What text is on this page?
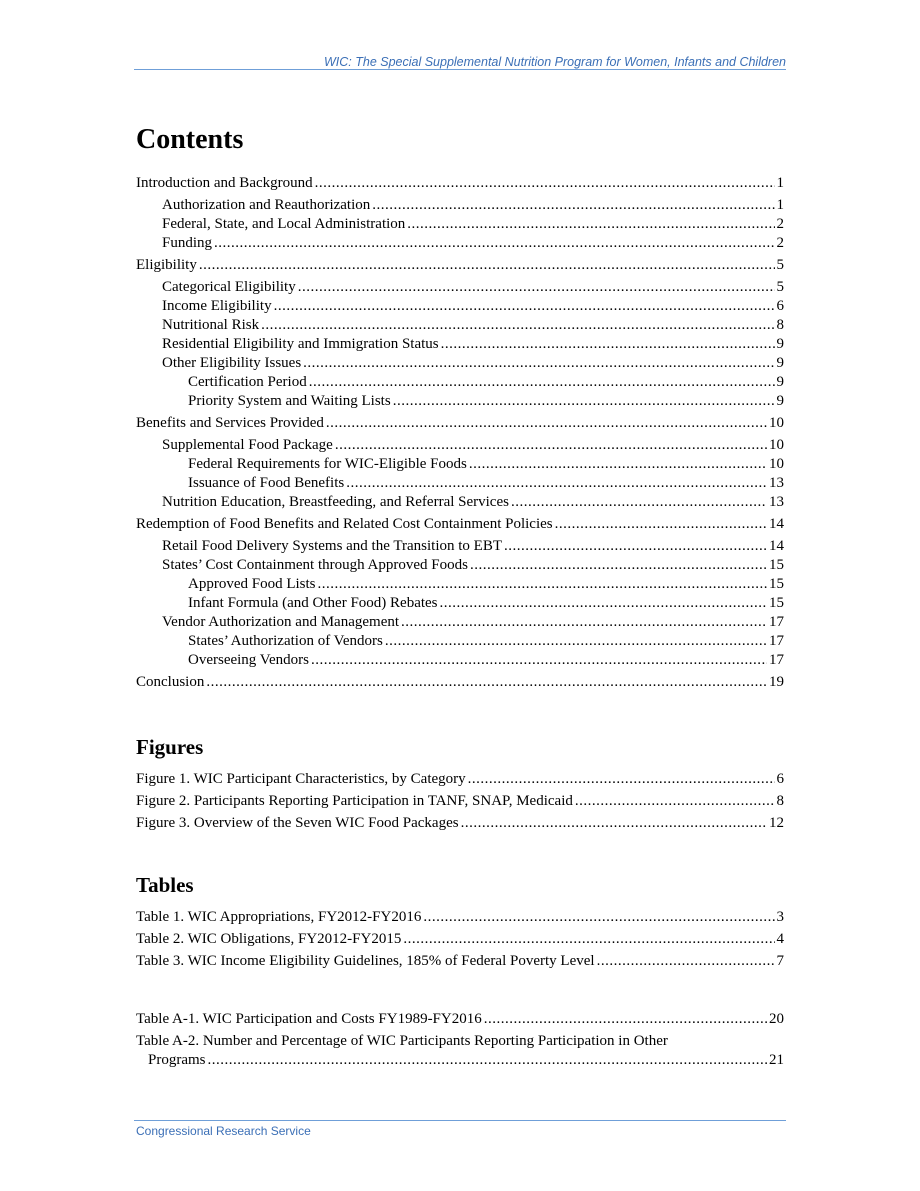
WIC: The Special Supplemental Nutrition Program for Women, Infants and Children
Contents
Introduction and Background .....	1
Authorization and Reauthorization .....	1
Federal, State, and Local Administration .....	2
Funding .....	2
Eligibility .....	5
Categorical Eligibility .....	5
Income Eligibility .....	6
Nutritional Risk .....	8
Residential Eligibility and Immigration Status .....	9
Other Eligibility Issues .....	9
Certification Period .....	9
Priority System and Waiting Lists .....	9
Benefits and Services Provided .....	10
Supplemental Food Package .....	10
Federal Requirements for WIC-Eligible Foods .....	10
Issuance of Food Benefits .....	13
Nutrition Education, Breastfeeding, and Referral Services .....	13
Redemption of Food Benefits and Related Cost Containment Policies .....	14
Retail Food Delivery Systems and the Transition to EBT .....	14
States’ Cost Containment through Approved Foods .....	15
Approved Food Lists .....	15
Infant Formula (and Other Food) Rebates .....	15
Vendor Authorization and Management .....	17
States’ Authorization of Vendors .....	17
Overseeing Vendors .....	17
Conclusion .....	19
Figures
Figure 1. WIC Participant Characteristics, by Category .....	6
Figure 2. Participants Reporting Participation in TANF, SNAP, Medicaid .....	8
Figure 3. Overview of the Seven WIC Food Packages .....	12
Tables
Table 1. WIC Appropriations, FY2012-FY2016 .....	3
Table 2. WIC Obligations, FY2012-FY2015 .....	4
Table 3. WIC Income Eligibility Guidelines, 185% of Federal Poverty Level .....	7
Table A-1. WIC Participation and Costs FY1989-FY2016 .....	20
Table A-2. Number and Percentage of WIC Participants Reporting Participation in Other
Programs .....	21
Congressional Research Service
